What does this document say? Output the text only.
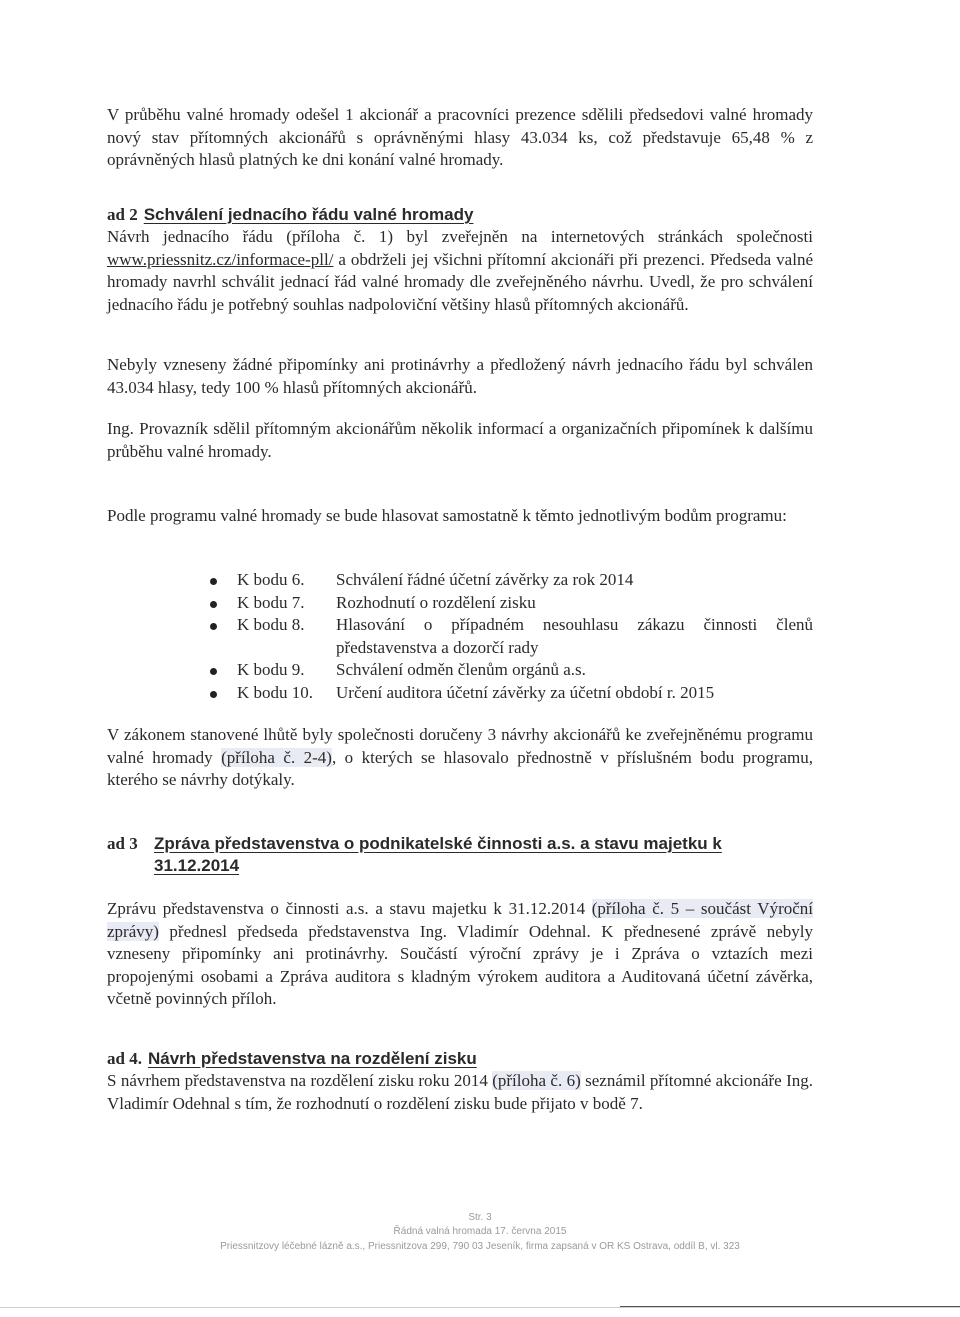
V průběhu valné hromady odešel 1 akcionář a pracovníci prezence sdělili předsedovi valné hromady nový stav přítomných akcionářů s oprávněnými hlasy 43.034 ks, což představuje 65,48 % z oprávněných hlasů platných ke dni konání valné hromady.
ad 2 Schválení jednacího řádu valné hromady
Návrh jednacího řádu (příloha č. 1) byl zveřejněn na internetových stránkách společnosti www.priessnitz.cz/informace-pll/ a obdrželi jej všichni přítomní akcionáři při prezenci. Předseda valné hromady navrhl schválit jednací řád valné hromady dle zveřejněného návrhu. Uvedl, že pro schválení jednacího řádu je potřebný souhlas nadpoloviční většiny hlasů přítomných akcionářů.
Nebyly vzneseny žádné připomínky ani protinávrhy a předložený návrh jednacího řádu byl schválen 43.034 hlasy, tedy 100 % hlasů přítomných akcionářů.
Ing. Provazník sdělil přítomným akcionářům několik informací a organizačních připomínek k dalšímu průběhu valné hromady.
Podle programu valné hromady se bude hlasovat samostatně k těmto jednotlivým bodům programu:
K bodu 6.	Schválení řádné účetní závěrky za rok 2014
K bodu 7.	Rozhodnutí o rozdělení zisku
K bodu 8.	Hlasování o případném nesouhlasu zákazu činnosti členů představenstva a dozorčí rady
K bodu 9.	Schválení odměn členům orgánů a.s.
K bodu 10.	Určení auditora účetní závěrky za účetní období r. 2015
V zákonem stanovené lhůtě byly společnosti doručeny 3 návrhy akcionářů ke zveřejněnému programu valné hromady (příloha č. 2-4), o kterých se hlasovalo přednostně v příslušném bodu programu, kterého se návrhy dotýkaly.
ad 3 Zpráva představenstva o podnikatelské činnosti a.s. a stavu majetku k 31.12.2014
Zprávu představenstva o činnosti a.s. a stavu majetku k 31.12.2014 (příloha č. 5 – součást Výroční zprávy) přednesl předseda představenstva Ing. Vladimír Odehnal. K přednesené zprávě nebyly vzneseny připomínky ani protinávrhy. Součástí výroční zprávy je i Zpráva o vztazích mezi propojenými osobami a Zpráva auditora s kladným výrokem auditora a Auditovaná účetní závěrka, včetně povinných příloh.
ad 4. Návrh představenstva na rozdělení zisku
S návrhem představenstva na rozdělení zisku roku 2014 (příloha č. 6) seznámil přítomné akcionáře Ing. Vladimír Odehnal s tím, že rozhodnutí o rozdělení zisku bude přijato v bodě 7.
Str. 3
Řádná valná hromada 17. června 2015
Priessnitzovy léčebné lázně a.s., Priessnitzova 299, 790 03 Jeseník, firma zapsaná v OR KS Ostrava, oddíl B, vl. 323
